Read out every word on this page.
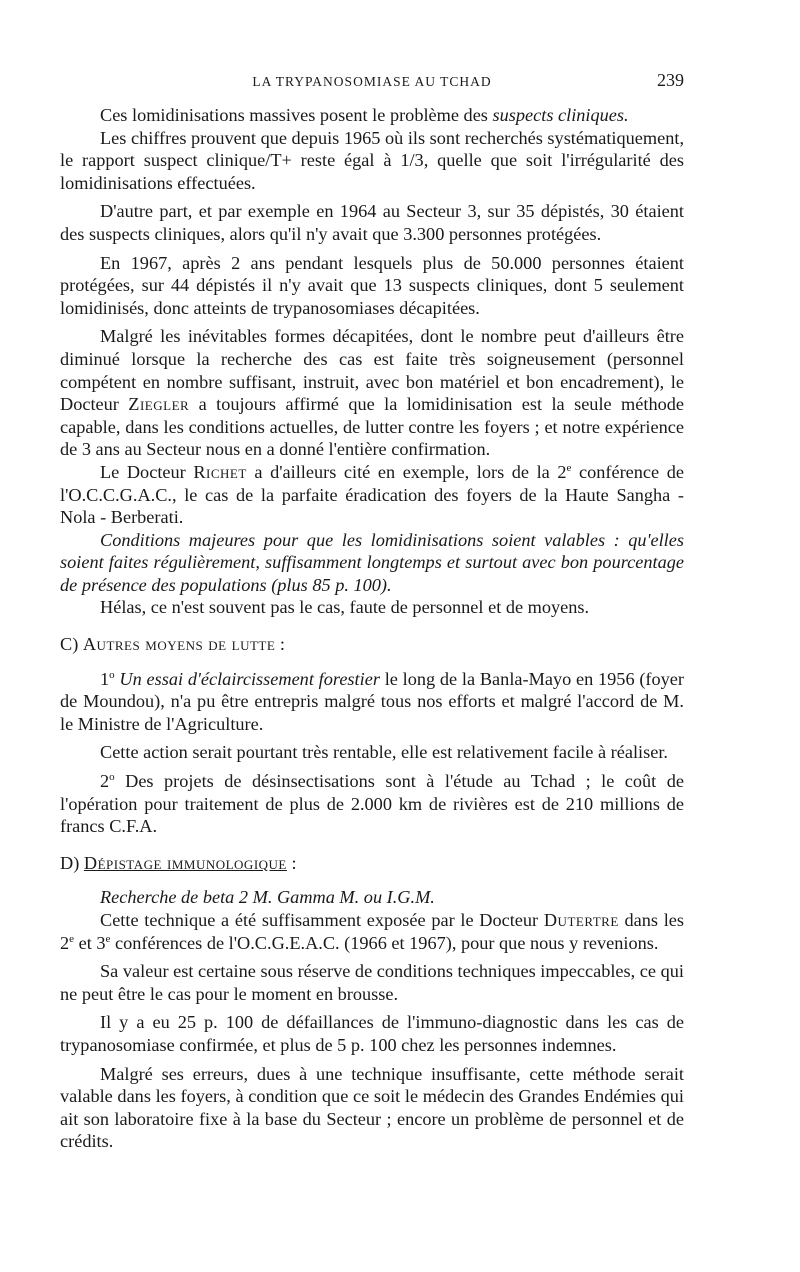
LA TRYPANOSOMIASE AU TCHAD	239

Ces lomidinisations massives posent le problème des suspects cliniques.

Les chiffres prouvent que depuis 1965 où ils sont recherchés systématiquement, le rapport suspect clinique/T+ reste égal à 1/3, quelle que soit l'irrégularité des lomidinisations effectuées.

D'autre part, et par exemple en 1964 au Secteur 3, sur 35 dépistés, 30 étaient des suspects cliniques, alors qu'il n'y avait que 3.300 personnes protégées.

En 1967, après 2 ans pendant lesquels plus de 50.000 personnes étaient protégées, sur 44 dépistés il n'y avait que 13 suspects cliniques, dont 5 seulement lomidinisés, donc atteints de trypanosomiases décapitées.

Malgré les inévitables formes décapitées, dont le nombre peut d'ailleurs être diminué lorsque la recherche des cas est faite très soigneusement (personnel compétent en nombre suffisant, instruit, avec bon matériel et bon encadrement), le Docteur Ziegler a toujours affirmé que la lomidinisation est la seule méthode capable, dans les conditions actuelles, de lutter contre les foyers ; et notre expérience de 3 ans au Secteur nous en a donné l'entière confirmation.

Le Docteur Richet a d'ailleurs cité en exemple, lors de la 2e conférence de l'O.C.C.G.A.C., le cas de la parfaite éradication des foyers de la Haute Sangha - Nola - Berberati.

Conditions majeures pour que les lomidinisations soient valables : qu'elles soient faites régulièrement, suffisamment longtemps et surtout avec bon pourcentage de présence des populations (plus 85 p. 100).

Hélas, ce n'est souvent pas le cas, faute de personnel et de moyens.

C) Autres moyens de lutte :

1$^o$ Un essai d'éclaircissement forestier le long de la Banla-Mayo en 1956 (foyer de Moundou), n'a pu être entrepris malgré tous nos efforts et malgré l'accord de M. le Ministre de l'Agriculture.

Cette action serait pourtant très rentable, elle est relativement facile à réaliser.

2$^o$ Des projets de désinsectisations sont à l'étude au Tchad ; le coût de l'opération pour traitement de plus de 2.000 km de rivières est de 210 millions de francs C.F.A.

D) Dépistage immunologique :

Recherche de beta 2 M. Gamma M. ou I.G.M.

Cette technique a été suffisamment exposée par le Docteur Dutertre dans les 2e et 3e conférences de l'O.C.G.E.A.C. (1966 et 1967), pour que nous y revenions.

Sa valeur est certaine sous réserve de conditions techniques impeccables, ce qui ne peut être le cas pour le moment en brousse.

Il y a eu 25 p. 100 de défaillances de l'immuno-diagnostic dans les cas de trypanosomiase confirmée, et plus de 5 p. 100 chez les personnes indemnes.

Malgré ses erreurs, dues à une technique insuffisante, cette méthode serait valable dans les foyers, à condition que ce soit le médecin des Grandes Endémies qui ait son laboratoire fixe à la base du Secteur ; encore un problème de personnel et de crédits.
